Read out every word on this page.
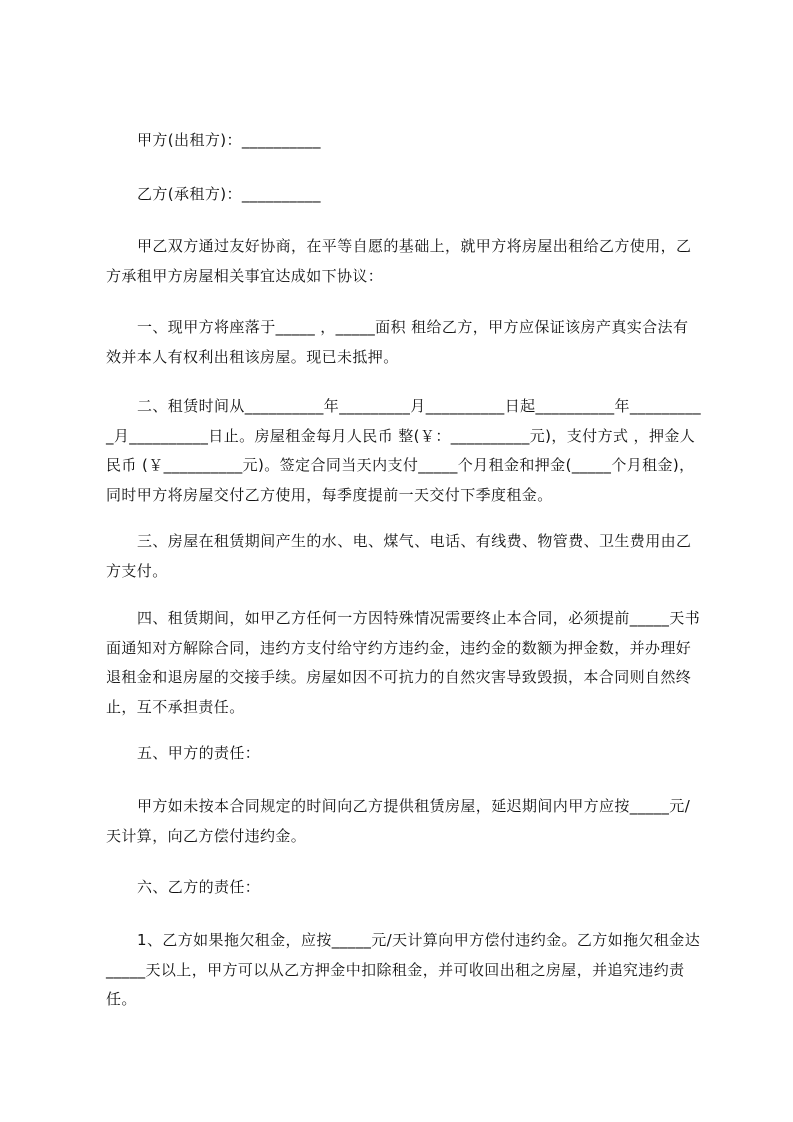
甲方(出租方)：__________

乙方(承租方)：__________

甲乙双方通过友好协商，在平等自愿的基础上，就甲方将房屋出租给乙方使用，乙方承租甲方房屋相关事宜达成如下协议：

一、现甲方将座落于_____ ，_____面积 租给乙方，甲方应保证该房产真实合法有效并本人有权利出租该房屋。现已未抵押。

二、租赁时间从__________年_________月__________日起__________年__________月__________日止。房屋租金每月人民币 整(￥：__________元)，支付方式 ，押金人民币 (￥__________元)。签定合同当天内支付_____个月租金和押金(_____个月租金)，同时甲方将房屋交付乙方使用，每季度提前一天交付下季度租金。

三、房屋在租赁期间产生的水、电、煤气、电话、有线费、物管费、卫生费用由乙方支付。

四、租赁期间，如甲乙方任何一方因特殊情况需要终止本合同，必须提前_____天书面通知对方解除合同，违约方支付给守约方违约金，违约金的数额为押金数，并办理好退租金和退房屋的交接手续。房屋如因不可抗力的自然灾害导致毁损，本合同则自然终止，互不承担责任。

五、甲方的责任：

甲方如未按本合同规定的时间向乙方提供租赁房屋，延迟期间内甲方应按_____元/天计算，向乙方偿付违约金。

六、乙方的责任：

1、乙方如果拖欠租金，应按_____元/天计算向甲方偿付违约金。乙方如拖欠租金达_____天以上，甲方可以从乙方押金中扣除租金，并可收回出租之房屋，并追究违约责任。
